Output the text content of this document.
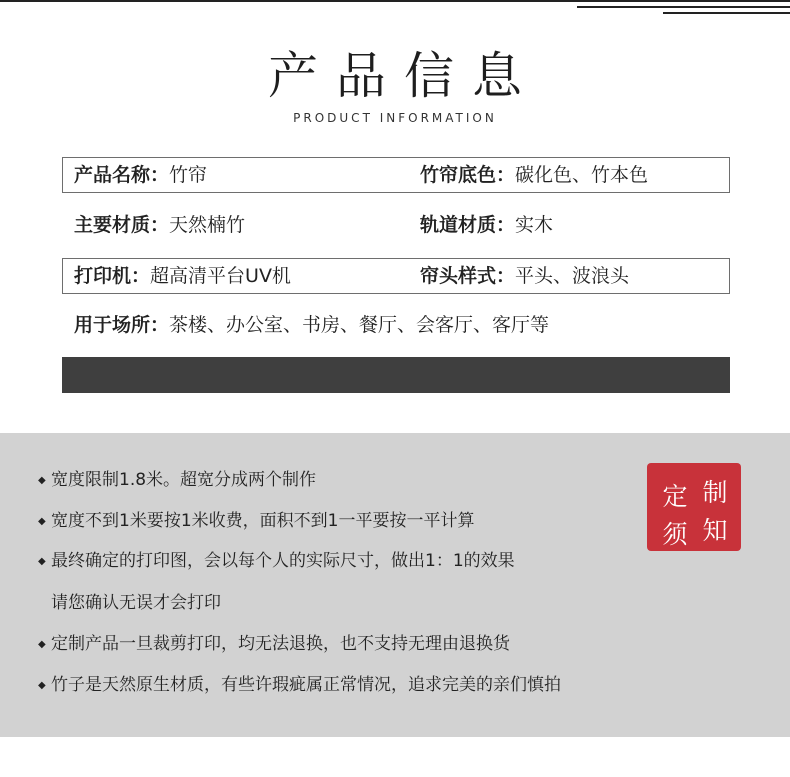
产品信息
PRODUCT INFORMATION
产品名称：竹帘	竹帘底色：碳化色、竹本色
主要材质：天然楠竹	轨道材质：实木
打印机：超高清平台UV机	帘头样式：平头、波浪头
用于场所：茶楼、办公室、书房、餐厅、会客厅、客厅等
◆ 宽度限制1.8米。超宽分成两个制作
◆ 宽度不到1米要按1米收费，面积不到1一平要按一平计算
◆ 最终确定的打印图，会以每个人的实际尺寸，做出1：1的效果
请您确认无误才会打印
◆ 定制产品一旦裁剪打印，均无法退换，也不支持无理由退换货
◆ 竹子是天然原生材质，有些许瑕疵属正常情况，追求完美的亲们慎拍
制
定
知
须
